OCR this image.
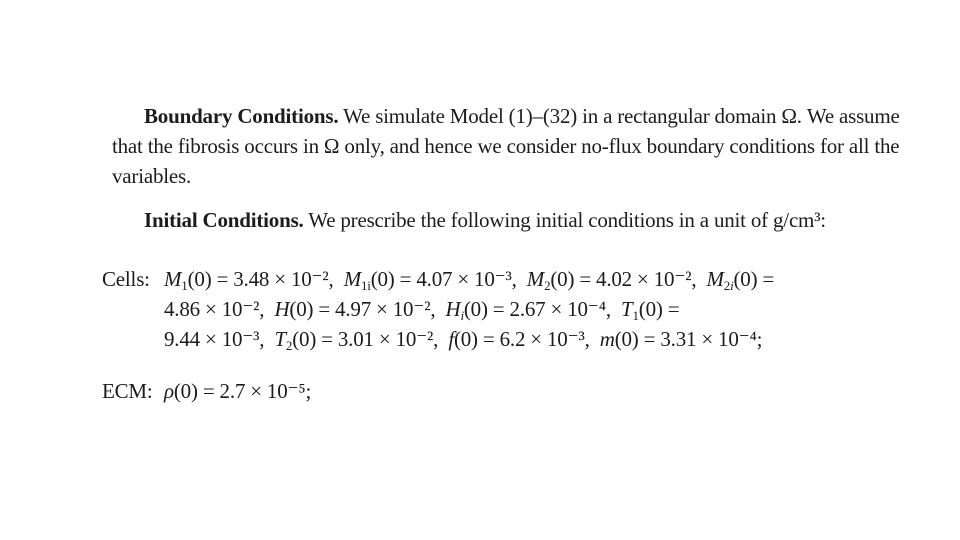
Boundary Conditions. We simulate Model (1)–(32) in a rectangular domain Ω. We assume that the fibrosis occurs in Ω only, and hence we consider no-flux boundary conditions for all the variables.
Initial Conditions. We prescribe the following initial conditions in a unit of g/cm³:
Cells: $M_1(0) = 3.48 \times 10^{-2}$,  $M_{1i}(0) = 4.07 \times 10^{-3}$,  $M_2(0) = 4.02 \times 10^{-2}$,  $M_{2i}(0)$ =
4.86 × 10⁻²,  H(0) = 4.97 × 10⁻²,  $H_i(0) = 2.67 \times 10^{-4}$,  $T_1(0)$ =
9.44 × 10⁻³,  $T_2(0) = 3.01 \times 10^{-2}$,  f(0) = 6.2 × 10⁻³,  m(0) = 3.31 × 10⁻⁴;
ECM: ρ(0) = 2.7 × 10⁻⁵;
